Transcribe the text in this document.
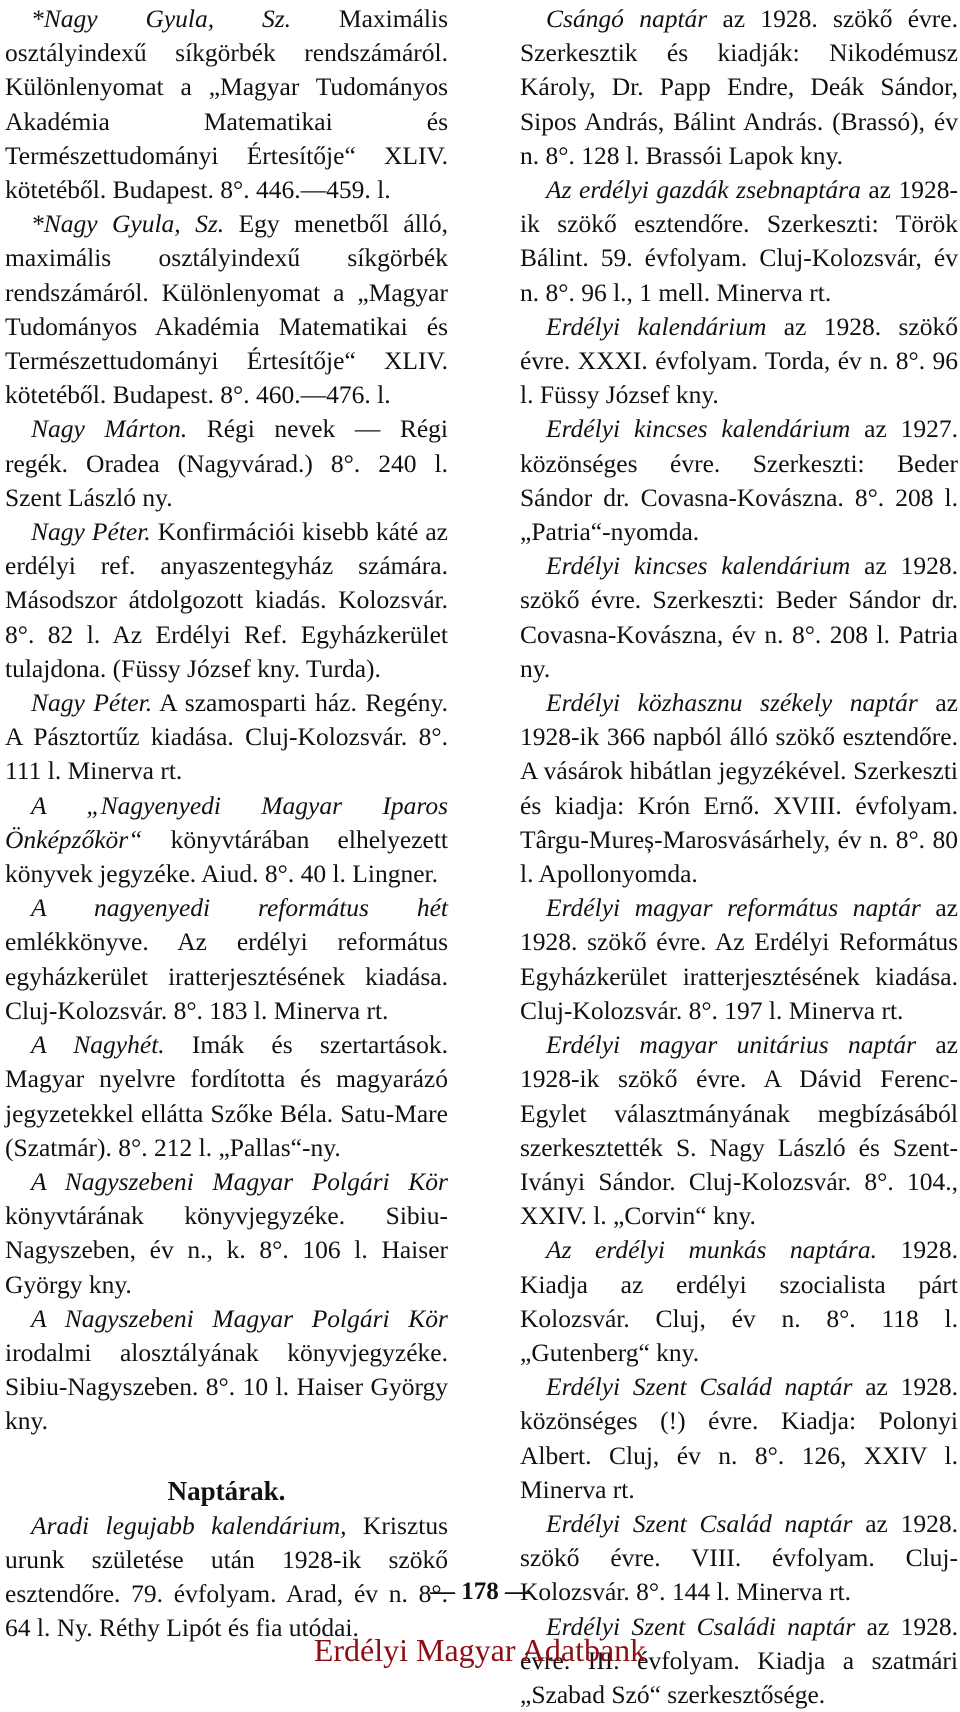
*Nagy Gyula, Sz. Maximális osztályindexű síkgörbék rendszámáról. Különlenyomat a „Magyar Tudományos Akadémia Matematikai és Természettudományi Értesítője“ XLIV. kötetéből. Budapest. 8°. 446.—459. l.

*Nagy Gyula, Sz. Egy menetből álló, maximális osztályindexű síkgörbék rendszámáról. Különlenyomat a „Magyar Tudományos Akadémia Matematikai és Természettudományi Értesítője“ XLIV. kötetéből. Budapest. 8°. 460.—476. l.

Nagy Márton. Régi nevek — Régi regék. Oradea (Nagyvárad.) 8°. 240 l. Szent László ny.

Nagy Péter. Konfirmációi kisebb káté az erdélyi ref. anyaszentegyház számára. Másodszor átdolgozott kiadás. Kolozsvár. 8°. 82 l. Az Erdélyi Ref. Egyházkerület tulajdona. (Füssy József kny. Turda).

Nagy Péter. A szamosparti ház. Regény. A Pásztortűz kiadása. Cluj-Kolozsvár. 8°. 111 l. Minerva rt.

A „Nagyenyedi Magyar Iparos Önképzőkör“ könyvtárában elhelyezett könyvek jegyzéke. Aiud. 8°. 40 l. Lingner.

A nagyenyedi református hét emlékkönyve. Az erdélyi református egyházkerület iratterjesztésének kiadása. Cluj-Kolozsvár. 8°. 183 l. Minerva rt.

A Nagyhét. Imák és szertartások. Magyar nyelvre fordította és magyarázó jegyzetekkel ellátta Szőke Béla. Satu-Mare (Szatmár). 8°. 212 l. „Pallas“-ny.

A Nagyszebeni Magyar Polgári Kör könyvtárának könyvjegyzéke. Sibiu-Nagyszeben, év n., k. 8°. 106 l. Haiser György kny.

A Nagyszebeni Magyar Polgári Kör irodalmi alosztályának könyvjegyzéke. Sibiu-Nagyszeben. 8°. 10 l. Haiser György kny.

Naptárak.

Aradi legujabb kalendárium, Krisztus urunk születése után 1928-ik szökő esztendőre. 79. évfolyam. Arad, év n. 8°. 64 l. Ny. Réthy Lipót és fia utódai.

Csángó naptár az 1928. szökő évre. Szerkesztik és kiadják: Nikodémusz Károly, Dr. Papp Endre, Deák Sándor, Sipos András, Bálint András. (Brassó), év n. 8°. 128 l. Brassói Lapok kny.

Az erdélyi gazdák zsebnaptára az 1928-ik szökő esztendőre. Szerkeszti: Török Bálint. 59. évfolyam. Cluj-Kolozsvár, év n. 8°. 96 l., 1 mell. Minerva rt.

Erdélyi kalendárium az 1928. szökő évre. XXXI. évfolyam. Torda, év n. 8°. 96 l. Füssy József kny.

Erdélyi kincses kalendárium az 1927. közönséges évre. Szerkeszti: Beder Sándor dr. Covasna-Kovászna. 8°. 208 l. „Patria“-nyomda.

Erdélyi kincses kalendárium az 1928. szökő évre. Szerkeszti: Beder Sándor dr. Covasna-Kovászna, év n. 8°. 208 l. Patria ny.

Erdélyi közhasznu székely naptár az 1928-ik 366 napból álló szökő esztendőre. A vásárok hibátlan jegyzékével. Szerkeszti és kiadja: Krón Ernő. XVIII. évfolyam. Târgu-Mureș-Marosvásárhely, év n. 8°. 80 l. Apollonyomda.

Erdélyi magyar református naptár az 1928. szökő évre. Az Erdélyi Református Egyházkerület iratterjesztésének kiadása. Cluj-Kolozsvár. 8°. 197 l. Minerva rt.

Erdélyi magyar unitárius naptár az 1928-ik szökő évre. A Dávid Ferenc-Egylet választmányának megbízásából szerkesztették S. Nagy László és Szent-Iványi Sándor. Cluj-Kolozsvár. 8°. 104., XXIV. l. „Corvin“ kny.

Az erdélyi munkás naptára. 1928. Kiadja az erdélyi szocialista párt Kolozsvár. Cluj, év n. 8°. 118 l. „Gutenberg“ kny.

Erdélyi Szent Család naptár az 1928. közönséges (!) évre. Kiadja: Polonyi Albert. Cluj, év n. 8°. 126, XXIV l. Minerva rt.

Erdélyi Szent Család naptár az 1928. szökő évre. VIII. évfolyam. Cluj-Kolozsvár. 8°. 144 l. Minerva rt.

Erdélyi Szent Családi naptár az 1928. évre. III. évfolyam. Kiadja a szatmári „Szabad Szó“ szerkesztősége.

— 178 —
Erdélyi Magyar Adatbank
